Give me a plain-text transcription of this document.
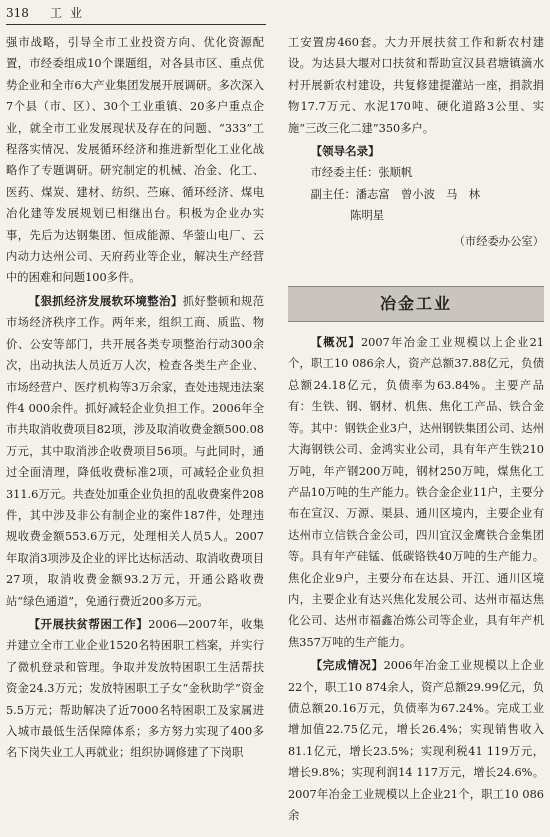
318 工业

强市战略，引导全市工业投资方向、优化资源配置，市经委组成10个课题组，对各县市区、重点优势企业和全市6大产业集团发展开展调研。多次深入7个县（市、区）、30个工业重镇、20多户重点企业，就全市工业发展现状及存在的问题、“333”工程落实情况、发展循环经济和推进新型化工业化战略作了专题调研。研究制定的机械、冶金、化工、医药、煤炭、建材、纺织、苎麻、循环经济、煤电冶化建等发展规划已相继出台。积极为企业办实事，先后为达钢集团、恒成能源、华蓥山电厂、云内动力达州公司、天府药业等企业，解决生产经营中的困难和问题100多件。

【狠抓经济发展软环境整治】抓好整顿和规范市场经济秩序工作。两年来，组织工商、质监、物价、公安等部门，共开展各类专项整治行动300余次，出动执法人员近万人次，检查各类生产企业、市场经营户、医疗机构等3万余家，查处违规违法案件4 000余件。抓好减轻企业负担工作。2006年全市共取消收费项目82项，涉及取消收费金额500.08万元，其中取消涉企收费项目56项。与此同时，通过全面清理，降低收费标准2项，可减轻企业负担311.6万元。共查处加重企业负担的乱收费案件208件，其中涉及非公有制企业的案件187件，处理违规收费金额553.6万元，处理相关人员5人。2007年取消3项涉及企业的评比达标活动、取消收费项目27项，取消收费金额93.2万元，开通公路收费站“绿色通道”，免通行费近200多万元。

【开展扶贫帮困工作】2006—2007年，收集并建立全市工业企业1520名特困职工档案，并实行了微机登录和管理。争取并发放特困职工生活帮扶资金24.3万元；发放特困职工子女“金秋助学”资金5.5万元；帮助解决了近7000名特困职工及家属进入城市最低生活保障体系；多方努力实现了400多名下岗失业工人再就业；组织协调修建了下岗职

工安置房460套。大力开展扶贫工作和新农村建设。为达县大堰对口扶贫和帮助宣汉县君塘镇滴水村开展新农村建设，共复修建提灌站一座，捐款捐物17.7万元、水泥170吨、硬化道路3公里、实施“三改三化二建”350多户。

【领导名录】

市经委主任：张顺帆

副主任：潘志富　曾小波　马　林

陈明星

（市经委办公室）

冶金工业

【概况】2007年冶金工业规模以上企业21个，职工10 086余人，资产总额37.88亿元，负债总额24.18亿元，负债率为63.84%。主要产品有：生铁、钢、钢材、机焦、焦化工产品、铁合金等。其中：钢铁企业3户，达州钢铁集团公司、达州大海钢铁公司、金鸿实业公司，具有年产生铁210万吨，年产钢200万吨，钢材250万吨，煤焦化工产品10万吨的生产能力。铁合金企业11户，主要分布在宣汉、万源、渠县、通川区境内，主要企业有达州市立信铁合金公司，四川宜汉金鹰铁合金集团等。具有年产硅锰、低碳铬铁40万吨的生产能力。焦化企业9户，主要分布在达县、开江、通川区境内，主要企业有达兴焦化发展公司、达州市福达焦化公司、达州市福鑫冶炼公司等企业，具有年产机焦357万吨的生产能力。

【完成情况】2006年冶金工业规模以上企业22个，职工10 874余人，资产总额29.99亿元，负债总额20.16万元，负债率为67.24%。完成工业增加值22.75亿元，增长26.4%；实现销售收入81.1亿元，增长23.5%；实现利税41 119万元，增长9.8%；实现利润14 117万元，增长24.6%。2007年冶金工业规模以上企业21个，职工10 086余
